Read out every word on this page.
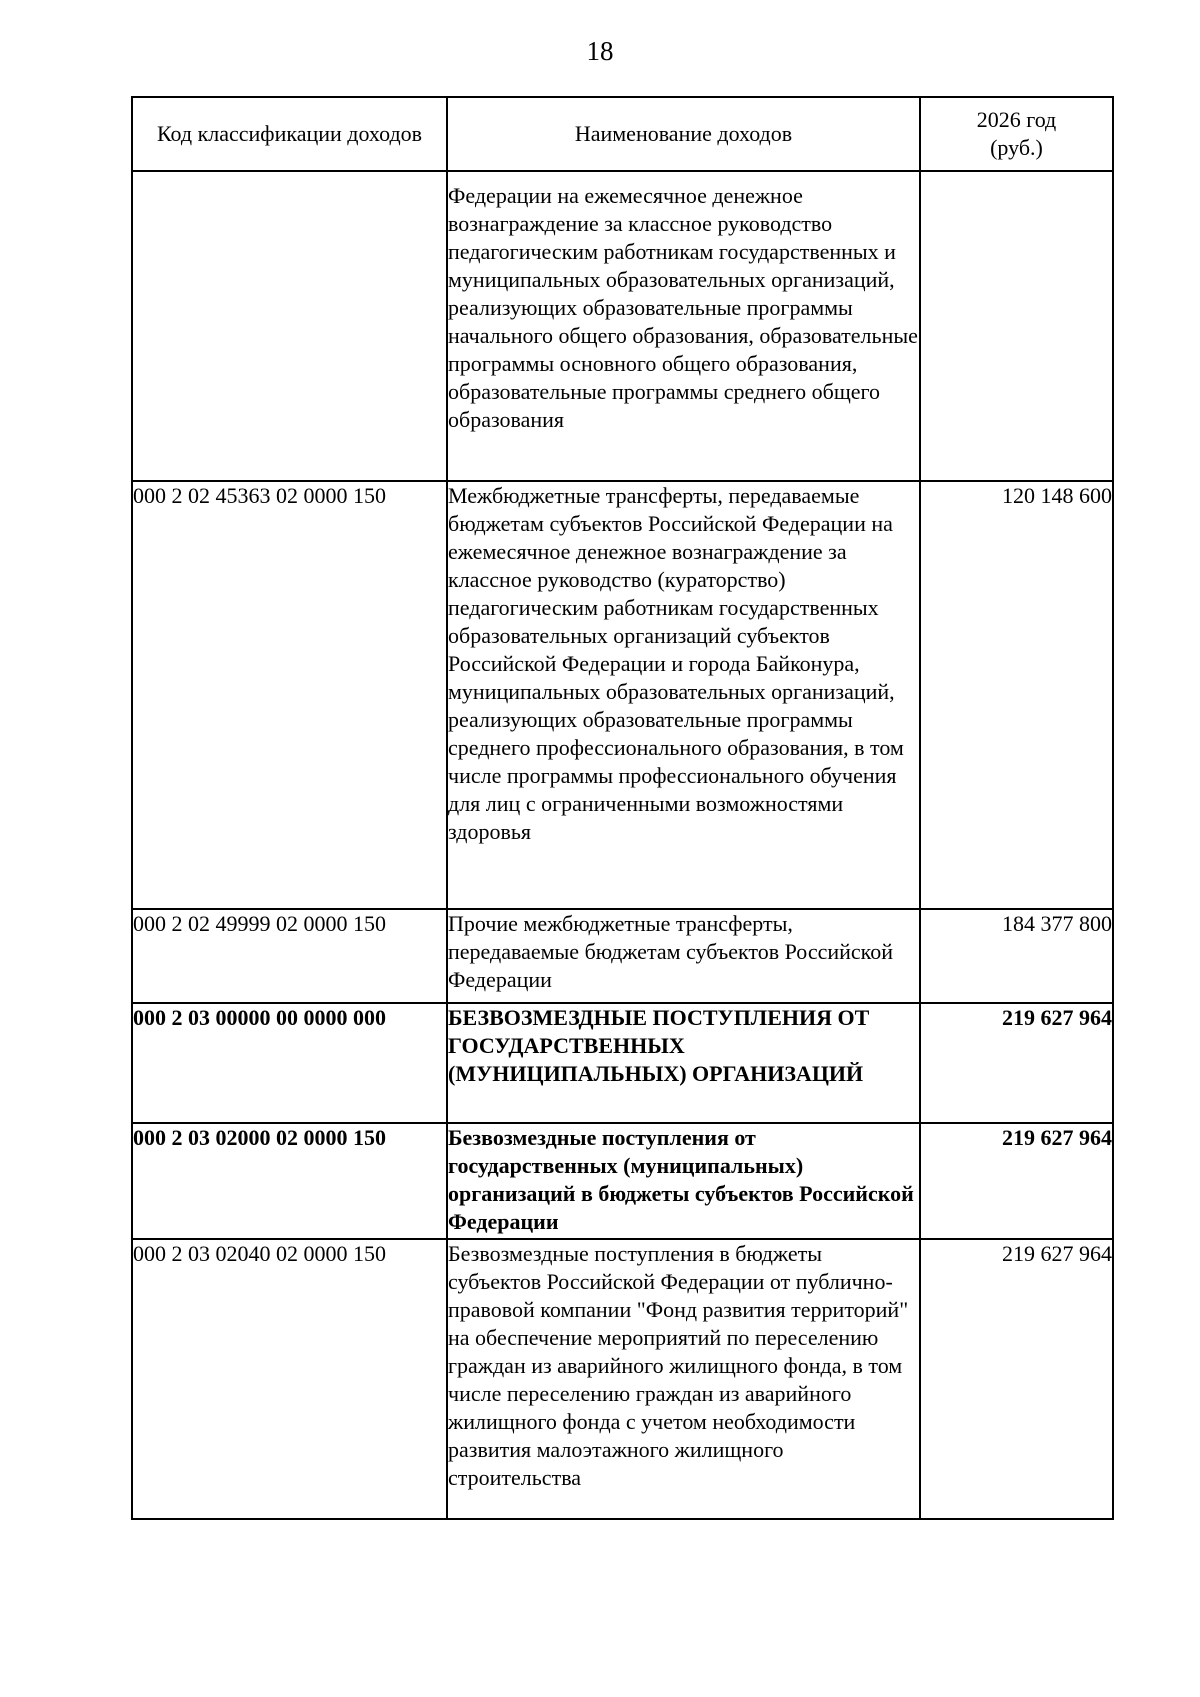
18
Код классификации доходов	Наименование доходов	2026 год
(руб.)

	Федерации на ежемесячное денежное вознаграждение за классное руководство педагогическим работникам государственных и муниципальных образовательных организаций, реализующих образовательные программы начального общего образования, образовательные программы основного общего образования, образовательные программы среднего общего образования	
000 2 02 45363 02 0000 150	Межбюджетные трансферты, передаваемые бюджетам субъектов Российской Федерации на ежемесячное денежное вознаграждение за классное руководство (кураторство) педагогическим работникам государственных образовательных организаций субъектов Российской Федерации и города Байконура, муниципальных образовательных организаций, реализующих образовательные программы среднего профессионального образования, в том числе программы профессионального обучения для лиц с ограниченными возможностями здоровья	120 148 600
000 2 02 49999 02 0000 150	Прочие межбюджетные трансферты, передаваемые бюджетам субъектов Российской Федерации	184 377 800
000 2 03 00000 00 0000 000	БЕЗВОЗМЕЗДНЫЕ ПОСТУПЛЕНИЯ ОТ ГОСУДАРСТВЕННЫХ (МУНИЦИПАЛЬНЫХ) ОРГАНИЗАЦИЙ	219 627 964
000 2 03 02000 02 0000 150	Безвозмездные поступления от государственных (муниципальных) организаций в бюджеты субъектов Российской Федерации	219 627 964
000 2 03 02040 02 0000 150	Безвозмездные поступления в бюджеты субъектов Российской Федерации от публично-правовой компании "Фонд развития территорий" на обеспечение мероприятий по переселению граждан из аварийного жилищного фонда, в том числе переселению граждан из аварийного жилищного фонда с учетом необходимости развития малоэтажного жилищного строительства	219 627 964
